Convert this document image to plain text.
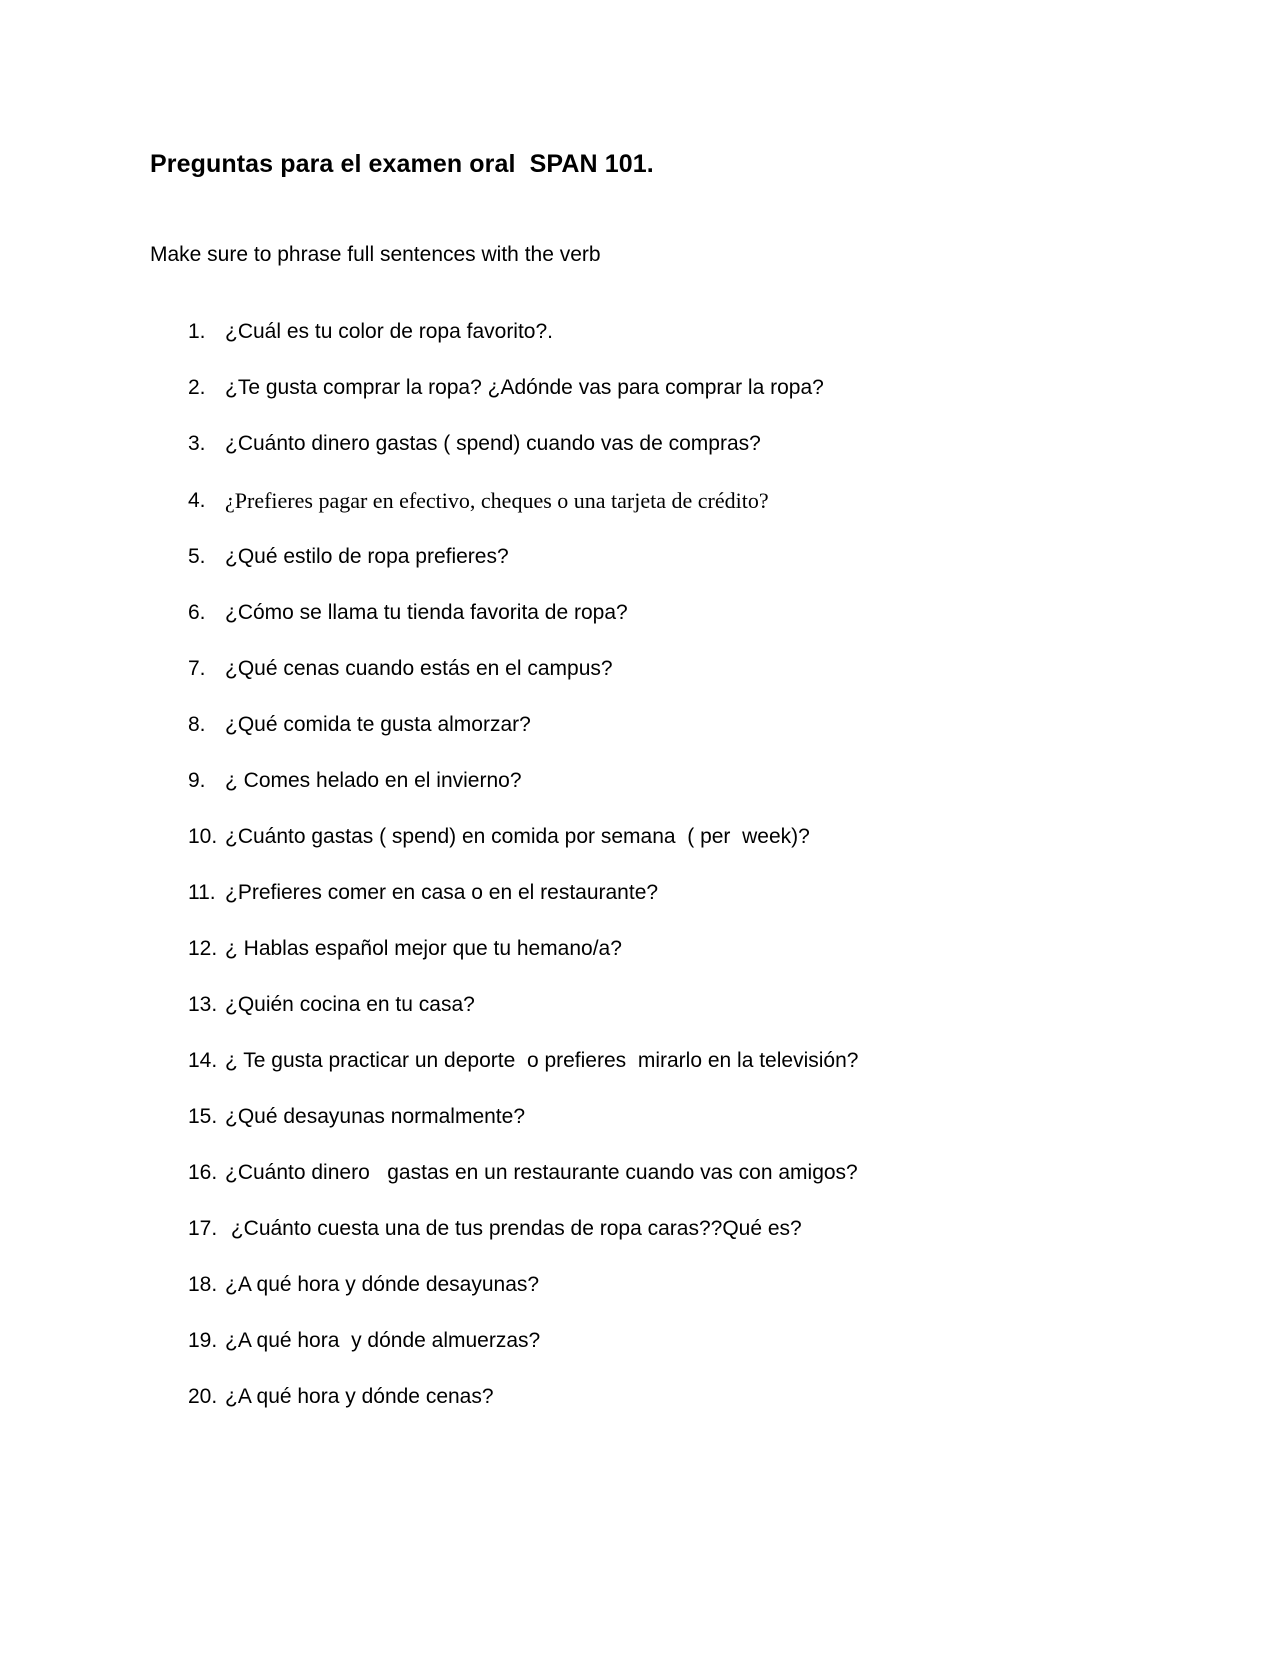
Preguntas para el examen oral  SPAN 101.
Make sure to phrase full sentences with the verb

1.

¿Cuál es tu color de ropa favorito?.

2.

¿Te gusta comprar la ropa? ¿Adónde vas para comprar la ropa?

3.

¿Cuánto dinero gastas ( spend) cuando vas de compras?

4.

¿Prefieres pagar en efectivo, cheques o una tarjeta de crédito?

5.

¿Qué estilo de ropa prefieres?

6.

¿Cómo se llama tu tienda favorita de ropa?

7.

¿Qué cenas cuando estás en el campus?

8.

¿Qué comida te gusta almorzar?

9.

¿ Comes helado en el invierno?

10.

¿Cuánto gastas ( spend) en comida por semana  ( per  week)?

11.

¿Prefieres comer en casa o en el restaurante?

12.

¿ Hablas español mejor que tu hemano/a?

13.

¿Quién cocina en tu casa?

14.

¿ Te gusta practicar un deporte  o prefieres  mirarlo en la televisión?

15.

¿Qué desayunas normalmente?

16.

¿Cuánto dinero   gastas en un restaurante cuando vas con amigos?

17.

¿Cuánto cuesta una de tus prendas de ropa caras??Qué es?

18.

¿A qué hora y dónde desayunas?

19.

¿A qué hora  y dónde almuerzas?

20.

¿A qué hora y dónde cenas?
